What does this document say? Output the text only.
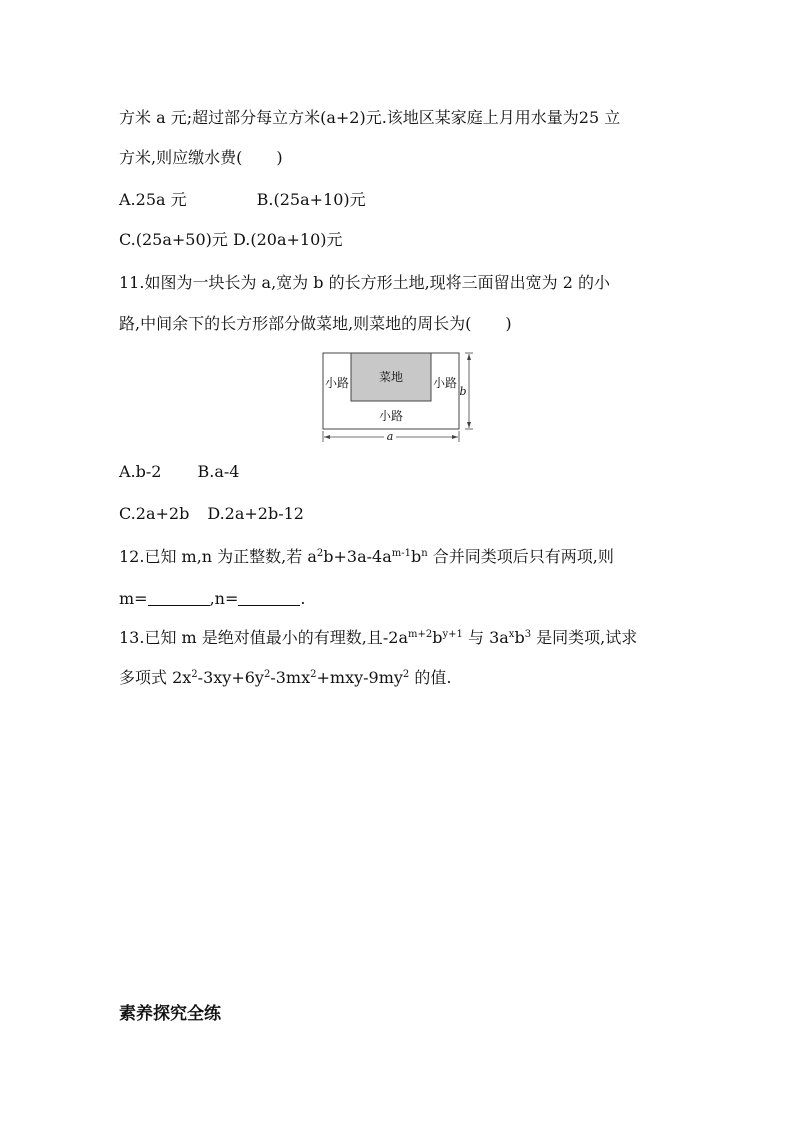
方米 a 元;超过部分每立方米(a+2)元.该地区某家庭上月用水量为25 立
方米,则应缴水费( )
A.25a 元	B.(25a+10)元
C.(25a+50)元 D.(20a+10)元
11.如图为一块长为 a,宽为 b 的长方形土地,现将三面留出宽为 2 的小
路,中间余下的长方形部分做菜地,则菜地的周长为( )
菜地
小路	小路
小路
b
a
A.b-2 B.a-4
C.2a+2b D.2a+2b-12
12.已知 m,n 为正整数,若 $a^2b+3a-4a^{m-1}b^n$ 合并同类项后只有两项,则
m=	,n=	.
13.已知 m 是绝对值最小的有理数,且$-2a^{m+2}b^{y+1}$ 与 $3a^xb^3$ 是同类项,试求
多项式 $2x^2-3xy+6y^2-3mx^2+mxy-9my^2$ 的值.
素养探究全练
